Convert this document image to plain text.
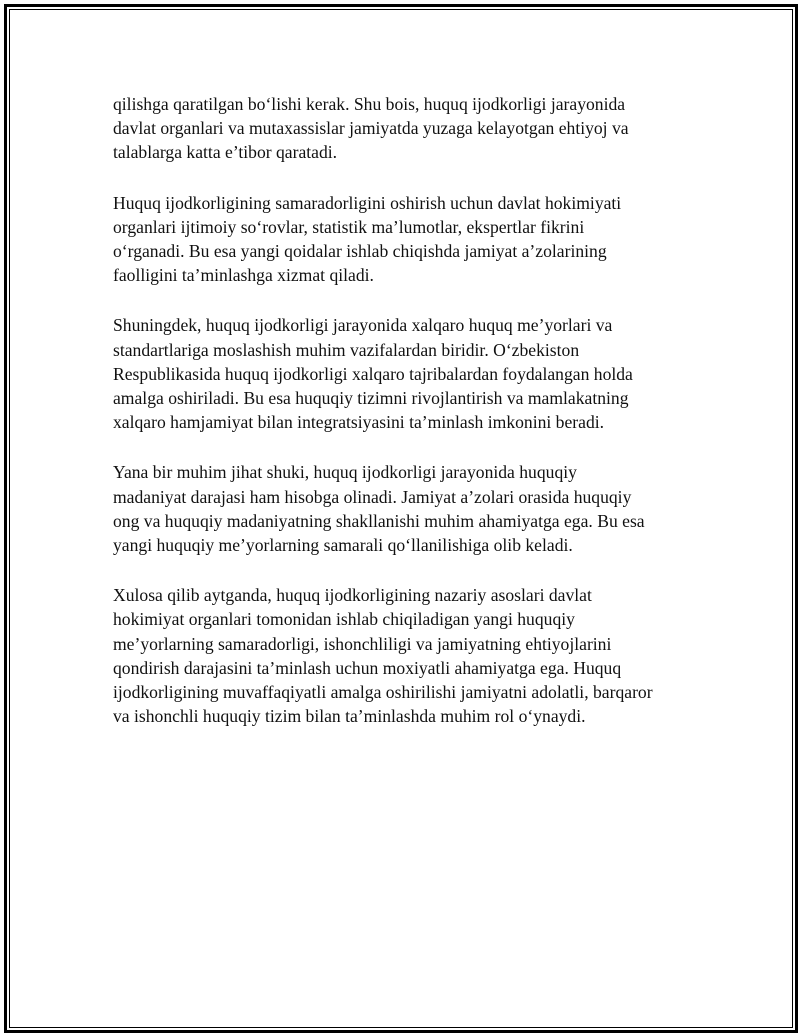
qilishga qaratilgan bo‘lishi kerak. Shu bois, huquq ijodkorligi jarayonida
davlat organlari va mutaxassislar jamiyatda yuzaga kelayotgan ehtiyoj va
talablarga katta e’tibor qaratadi.

Huquq ijodkorligining samaradorligini oshirish uchun davlat hokimiyati
organlari ijtimoiy so‘rovlar, statistik ma’lumotlar, ekspertlar fikrini
o‘rganadi. Bu esa yangi qoidalar ishlab chiqishda jamiyat a’zolarining
faolligini ta’minlashga xizmat qiladi.

Shuningdek, huquq ijodkorligi jarayonida xalqaro huquq me’yorlari va
standartlariga moslashish muhim vazifalardan biridir. O‘zbekiston
Respublikasida huquq ijodkorligi xalqaro tajribalardan foydalangan holda
amalga oshiriladi. Bu esa huquqiy tizimni rivojlantirish va mamlakatning
xalqaro hamjamiyat bilan integratsiyasini ta’minlash imkonini beradi.

Yana bir muhim jihat shuki, huquq ijodkorligi jarayonida huquqiy
madaniyat darajasi ham hisobga olinadi. Jamiyat a’zolari orasida huquqiy
ong va huquqiy madaniyatning shakllanishi muhim ahamiyatga ega. Bu esa
yangi huquqiy me’yorlarning samarali qo‘llanilishiga olib keladi.

Xulosa qilib aytganda, huquq ijodkorligining nazariy asoslari davlat
hokimiyat organlari tomonidan ishlab chiqiladigan yangi huquqiy
me’yorlarning samaradorligi, ishonchliligi va jamiyatning ehtiyojlarini
qondirish darajasini ta’minlash uchun moxiyatli ahamiyatga ega. Huquq
ijodkorligining muvaffaqiyatli amalga oshirilishi jamiyatni adolatli, barqaror
va ishonchli huquqiy tizim bilan ta’minlashda muhim rol o‘ynaydi.
